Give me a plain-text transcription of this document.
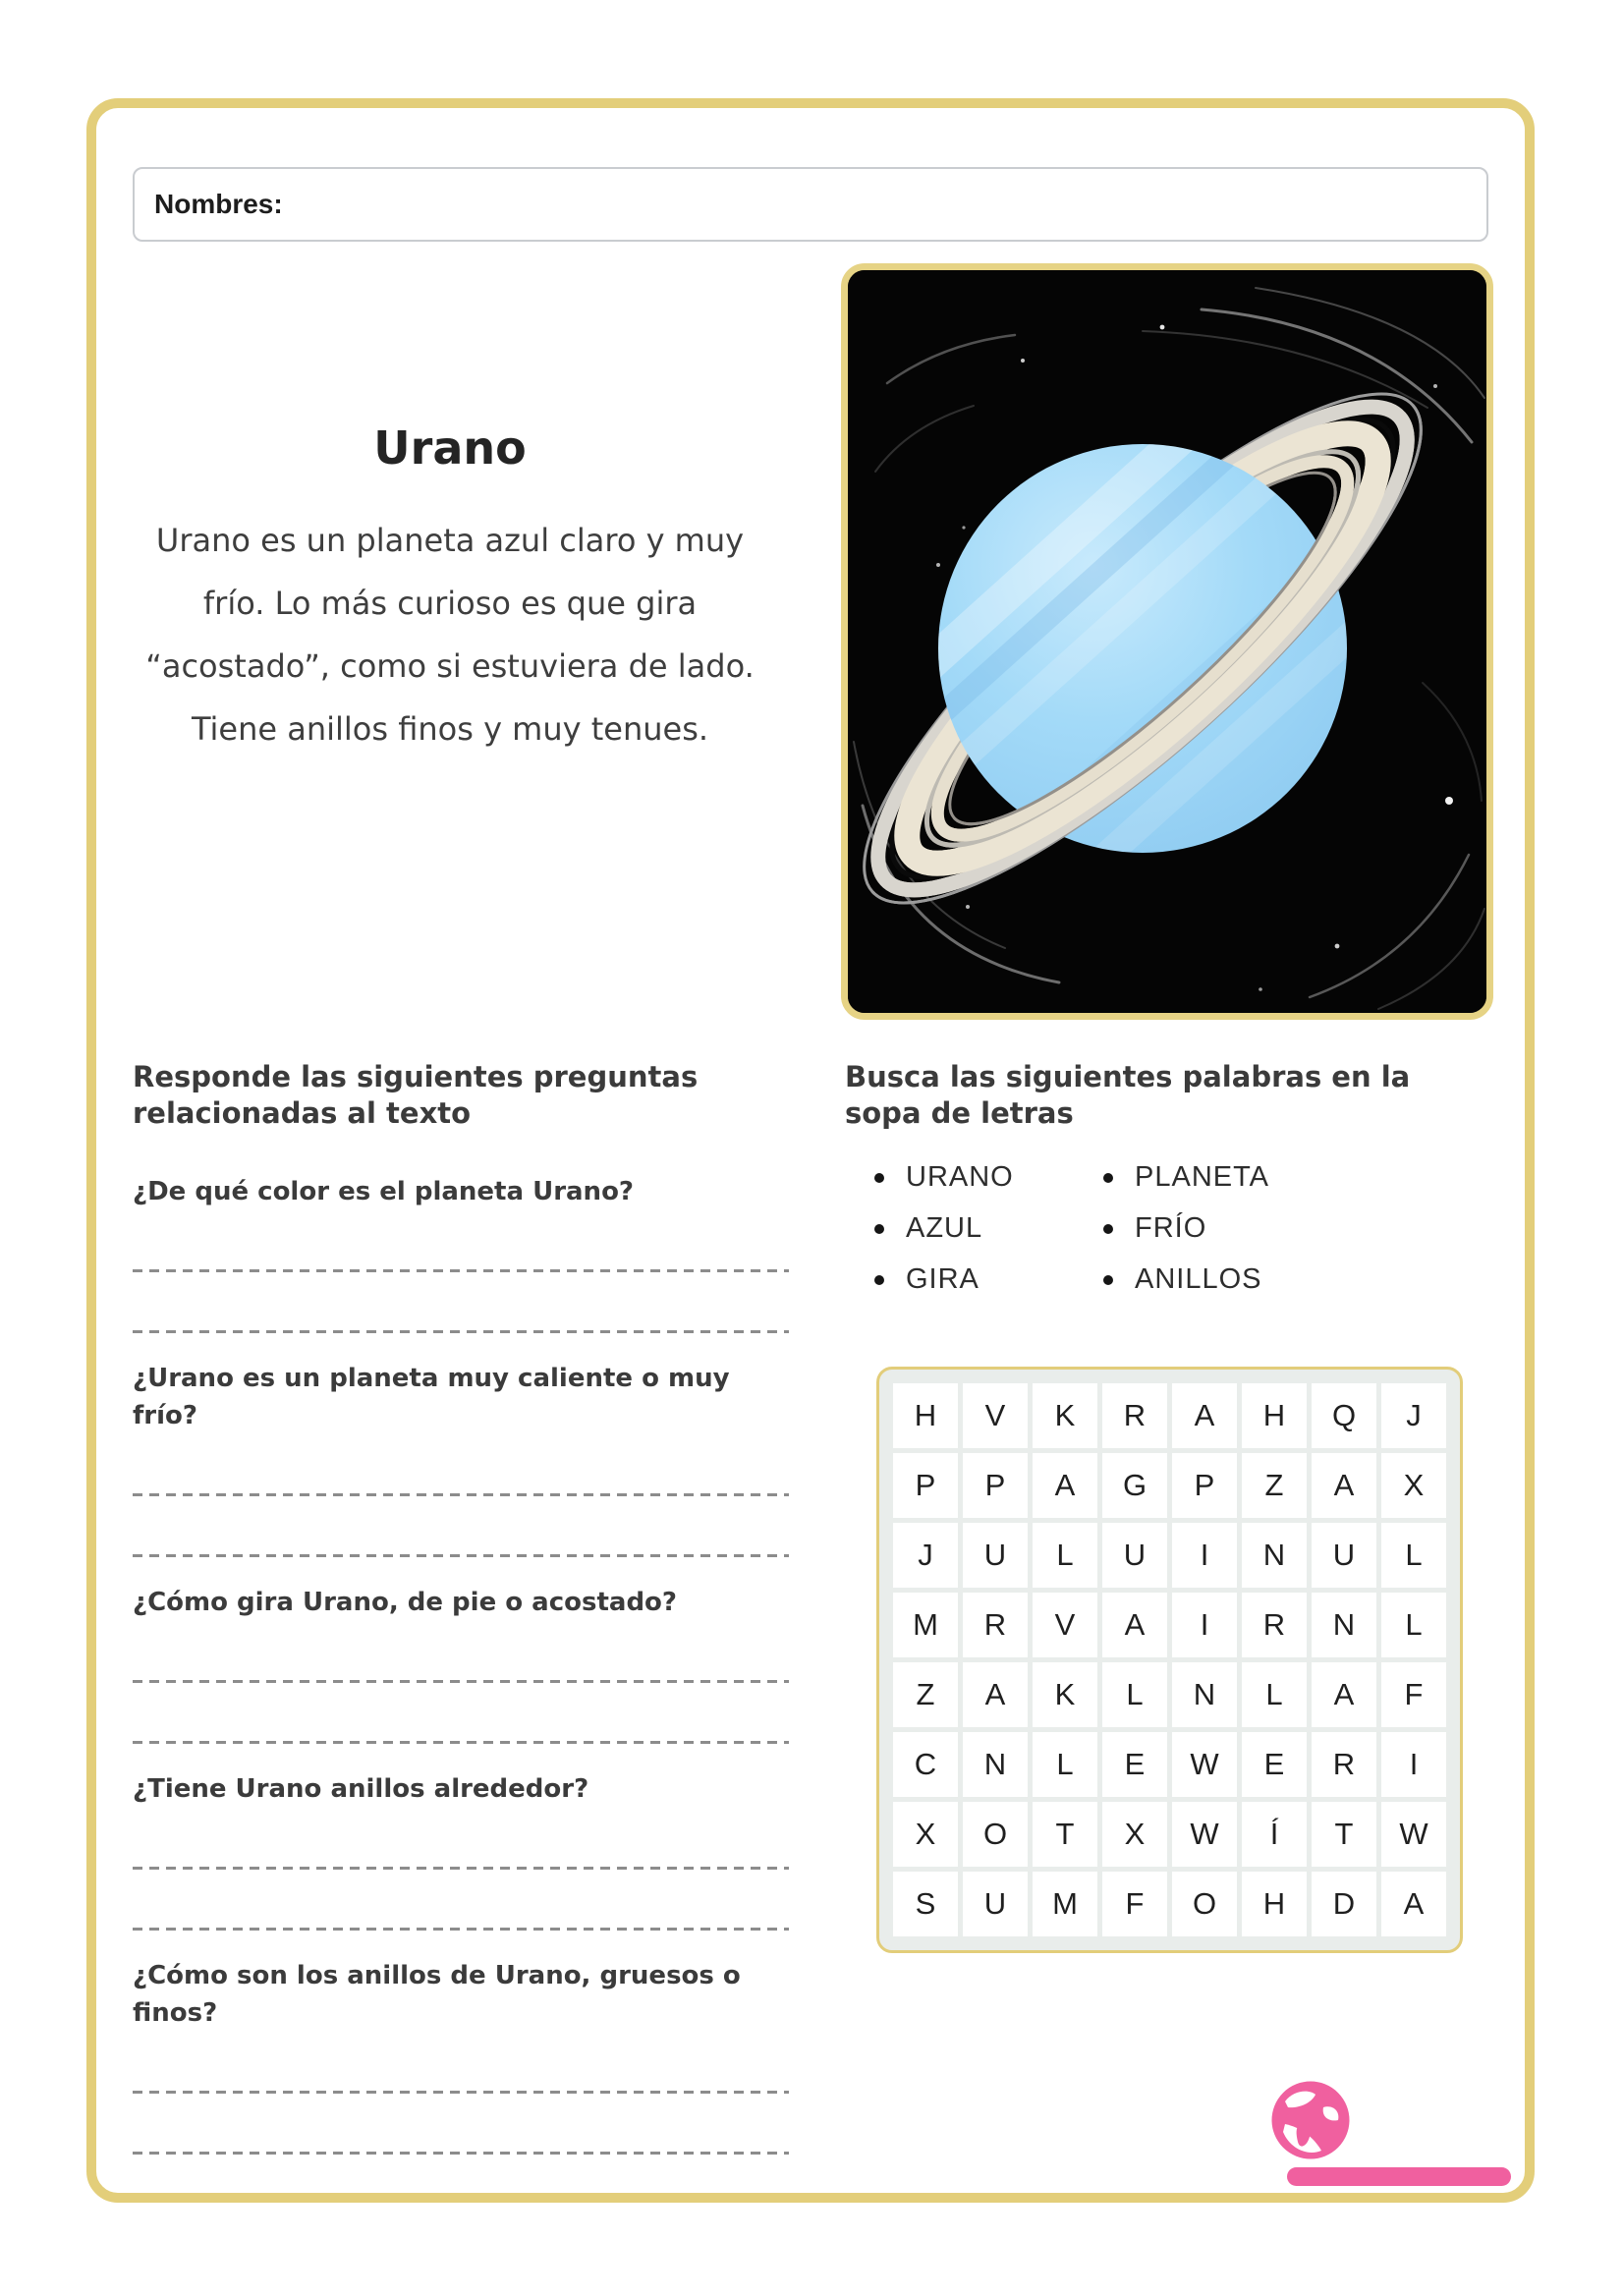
Nombres:
Urano

Urano es un planeta azul claro y muy frío. Lo más curioso es que gira “acostado”, como si estuviera de lado. Tiene anillos finos y muy tenues.

Responde las siguientes preguntas relacionadas al texto
¿De qué color es el planeta Urano?
¿Urano es un planeta muy caliente o muy frío?
¿Cómo gira Urano, de pie o acostado?
¿Tiene Urano anillos alrededor?
¿Cómo son los anillos de Urano, gruesos o finos?
Busca las siguientes palabras en la sopa de letras
URANO
AZUL
GIRA
PLANETA
FRÍO
ANILLOS
H	V	K	R	A	H	Q	J
P	P	A	G	P	Z	A	X
J	U	L	U	I	N	U	L
M	R	V	A	I	R	N	L
Z	A	K	L	N	L	A	F
C	N	L	E	W	E	R	I
X	O	T	X	W	Í	T	W
S	U	M	F	O	H	D	A
